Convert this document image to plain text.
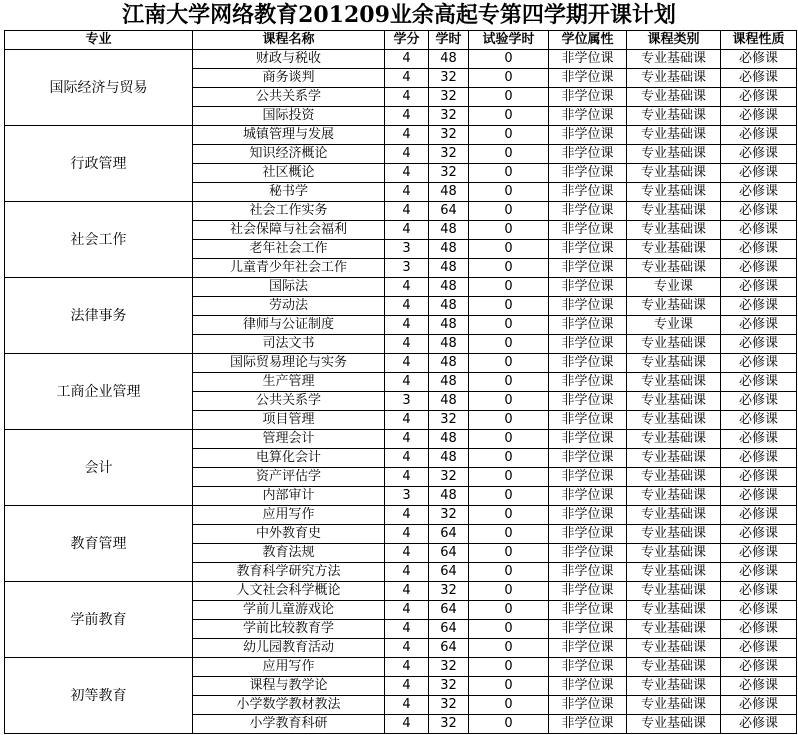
江南大学网络教育201209业余高起专第四学期开课计划
专业	课程名称	学分	学时	试验学时	学位属性	课程类别	课程性质
国际经济与贸易	财政与税收	4	48	0	非学位课	专业基础课	必修课
	商务谈判	4	32	0	非学位课	专业基础课	必修课
	公共关系学	4	32	0	非学位课	专业基础课	必修课
	国际投资	4	32	0	非学位课	专业基础课	必修课
行政管理	城镇管理与发展	4	32	0	非学位课	专业基础课	必修课
	知识经济概论	4	32	0	非学位课	专业基础课	必修课
	社区概论	4	32	0	非学位课	专业基础课	必修课
	秘书学	4	48	0	非学位课	专业基础课	必修课
社会工作	社会工作实务	4	64	0	非学位课	专业基础课	必修课
	社会保障与社会福利	4	48	0	非学位课	专业基础课	必修课
	老年社会工作	3	48	0	非学位课	专业基础课	必修课
	儿童青少年社会工作	3	48	0	非学位课	专业基础课	必修课
法律事务	国际法	4	48	0	非学位课	专业课	必修课
	劳动法	4	48	0	非学位课	专业基础课	必修课
	律师与公证制度	4	48	0	非学位课	专业课	必修课
	司法文书	4	48	0	非学位课	专业基础课	必修课
工商企业管理	国际贸易理论与实务	4	48	0	非学位课	专业基础课	必修课
	生产管理	4	48	0	非学位课	专业基础课	必修课
	公共关系学	3	48	0	非学位课	专业基础课	必修课
	项目管理	4	32	0	非学位课	专业基础课	必修课
会计	管理会计	4	48	0	非学位课	专业基础课	必修课
	电算化会计	4	48	0	非学位课	专业基础课	必修课
	资产评估学	4	32	0	非学位课	专业基础课	必修课
	内部审计	3	48	0	非学位课	专业基础课	必修课
教育管理	应用写作	4	32	0	非学位课	专业基础课	必修课
	中外教育史	4	64	0	非学位课	专业基础课	必修课
	教育法规	4	64	0	非学位课	专业基础课	必修课
	教育科学研究方法	4	64	0	非学位课	专业基础课	必修课
学前教育	人文社会科学概论	4	32	0	非学位课	专业基础课	必修课
	学前儿童游戏论	4	64	0	非学位课	专业基础课	必修课
	学前比较教育学	4	64	0	非学位课	专业基础课	必修课
	幼儿园教育活动	4	64	0	非学位课	专业基础课	必修课
初等教育	应用写作	4	32	0	非学位课	专业基础课	必修课
	课程与教学论	4	32	0	非学位课	专业基础课	必修课
	小学数学教材教法	4	32	0	非学位课	专业基础课	必修课
	小学教育科研	4	32	0	非学位课	专业基础课	必修课
